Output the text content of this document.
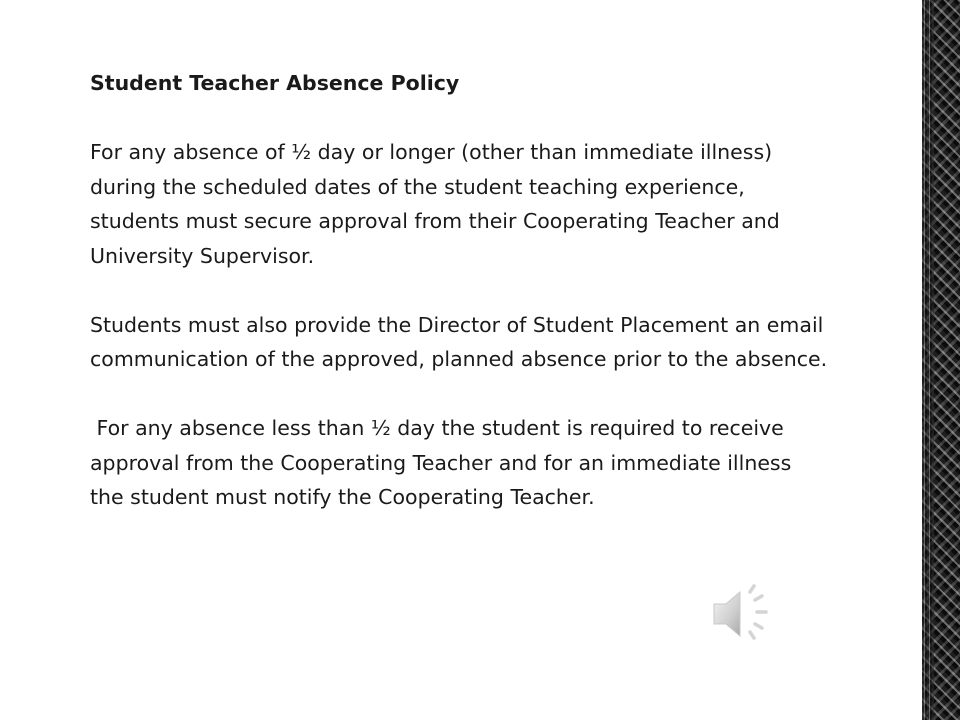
Student Teacher Absence Policy

For any absence of ½ day or longer (other than immediate illness) during the scheduled dates of the student teaching experience, students must secure approval from their Cooperating Teacher and University Supervisor.

Students must also provide the Director of Student Placement an email communication of the approved, planned absence prior to the absence.

For any absence less than ½ day the student is required to receive approval from the Cooperating Teacher and for an immediate illness the student must notify the Cooperating Teacher.
